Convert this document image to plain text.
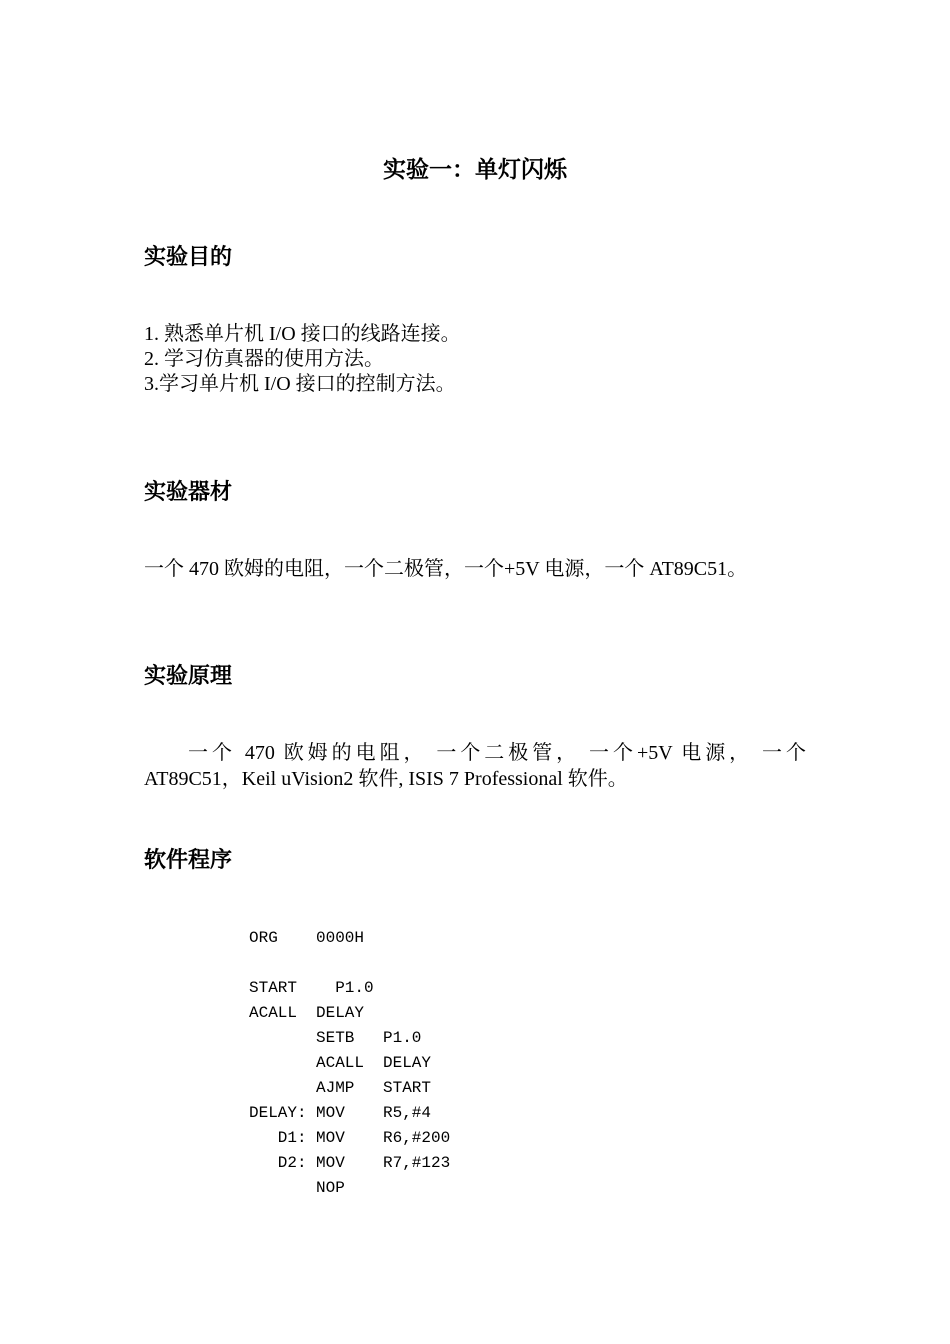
实验一：单灯闪烁
实验目的

1. 熟悉单片机 I/O 接口的线路连接。

2. 学习仿真器的使用方法。

3.学习单片机 I/O 接口的控制方法。

实验器材

一个 470 欧姆的电阻，一个二极管，一个+5V 电源，一个 AT89C51。

实验原理

一个 470 欧姆的电阻， 一个二极管， 一个+5V 电源， 一个
AT89C51，Keil uVision2 软件, ISIS 7 Professional 软件。

软件程序
ORG 0000H
START P1.0
ACALL DELAY
SETB P1.0
ACALL DELAY
AJMP START
DELAY: MOV R5,#4
D1: MOV R6,#200
D2: MOV R7,#123
NOP
